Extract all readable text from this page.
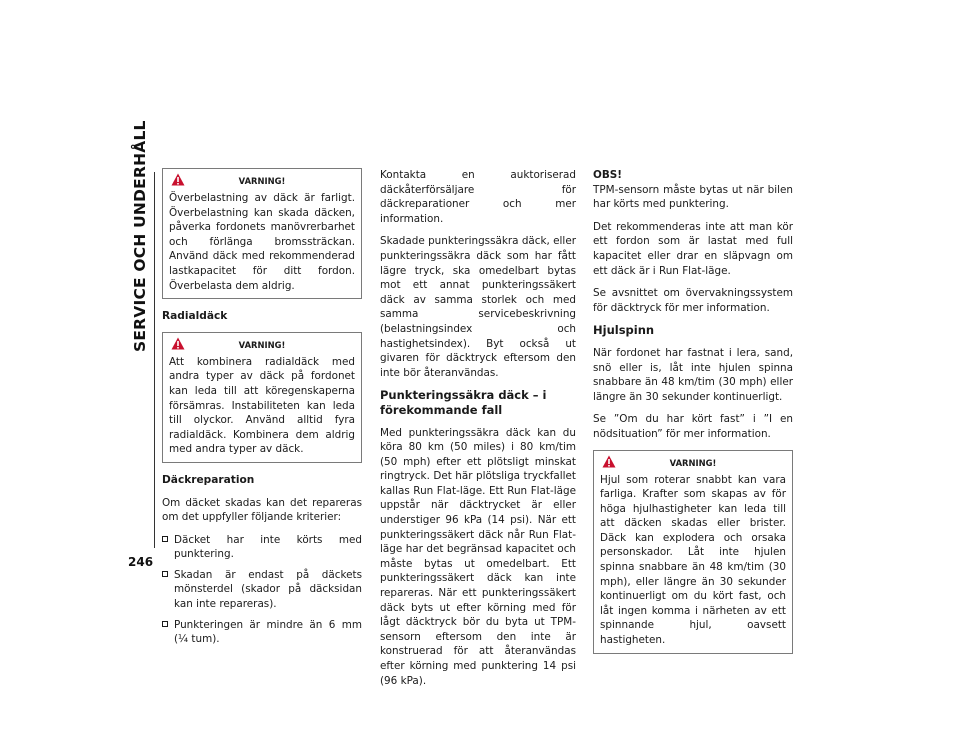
SERVICE OCH UNDERHÅLL
246
VARNING!

Överbelastning av däck är farligt. Överbelastning kan skada däcken, påverka fordonets manövrerbarhet och förlänga bromssträckan. Använd däck med rekommenderad lastkapacitet för ditt fordon. Överbelasta dem aldrig.

Radialdäck
VARNING!

Att kombinera radialdäck med andra typer av däck på fordonet kan leda till att köregenskaperna försämras. Instabiliteten kan leda till olyckor. Använd alltid fyra radialdäck. Kombinera dem aldrig med andra typer av däck.

Däckreparation

Om däcket skadas kan det repareras om det uppfyller följande kriterier:

Däcket har inte körts med punktering.
Skadan är endast på däckets mönsterdel (skador på däcksidan kan inte repareras).
Punkteringen är mindre än 6 mm (¼ tum).

Kontakta en auktoriserad däckåterförsäljare för däckreparationer och mer information.

Skadade punkteringssäkra däck, eller punkteringssäkra däck som har fått lägre tryck, ska omedelbart bytas mot ett annat punkteringssäkert däck av samma storlek och med samma servicebeskrivning (belastningsindex och hastighetsindex). Byt också ut givaren för däcktryck eftersom den inte bör återanvändas.

Punkteringssäkra däck – i förekommande fall

Med punkteringssäkra däck kan du köra 80 km (50 miles) i 80 km/tim (50 mph) efter ett plötsligt minskat ringtryck. Det här plötsliga tryckfallet kallas Run Flat-läge. Ett Run Flat-läge uppstår när däcktrycket är eller understiger 96 kPa (14 psi). När ett punkteringssäkert däck når Run Flat-läge har det begränsad kapacitet och måste bytas ut omedelbart. Ett punkteringssäkert däck kan inte repareras. När ett punkteringssäkert däck byts ut efter körning med för lågt däcktryck bör du byta ut TPM-sensorn eftersom den inte är konstruerad för att återanvändas efter körning med punktering 14 psi (96 kPa).

OBS!

TPM-sensorn måste bytas ut när bilen har körts med punktering.

Det rekommenderas inte att man kör ett fordon som är lastat med full kapacitet eller drar en släpvagn om ett däck är i Run Flat-läge.

Se avsnittet om övervakningssystem för däcktryck för mer information.

Hjulspinn

När fordonet har fastnat i lera, sand, snö eller is, låt inte hjulen spinna snabbare än 48 km/tim (30 mph) eller längre än 30 sekunder kontinuerligt.

Se ”Om du har kört fast” i ”I en nödsituation” för mer information.

VARNING!

Hjul som roterar snabbt kan vara farliga. Krafter som skapas av för höga hjulhastigheter kan leda till att däcken skadas eller brister. Däck kan explodera och orsaka personskador. Låt inte hjulen spinna snabbare än 48 km/tim (30 mph), eller längre än 30 sekunder kontinuerligt om du kört fast, och låt ingen komma i närheten av ett spinnande hjul, oavsett hastigheten.
